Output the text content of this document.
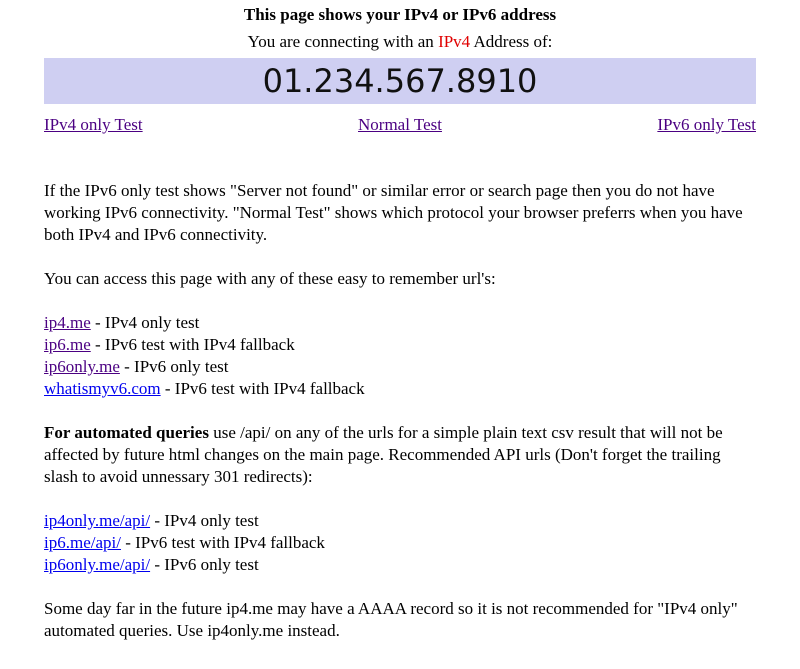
This page shows your IPv4 or IPv6 address
You are connecting with an IPv4 Address of:
01.234.567.8910
IPv4 only Test	Normal Test	IPv6 only Test

If the IPv6 only test shows "Server not found" or similar error or search page then you do not have working IPv6 connectivity. "Normal Test" shows which protocol your browser preferrs when you have both IPv4 and IPv6 connectivity.

You can access this page with any of these easy to remember url's:

ip4.me - IPv4 only test
ip6.me - IPv6 test with IPv4 fallback
ip6only.me - IPv6 only test
whatismyv6.com - IPv6 test with IPv4 fallback

For automated queries use /api/ on any of the urls for a simple plain text csv result that will not be affected by future html changes on the main page. Recommended API urls (Don't forget the trailing slash to avoid unnessary 301 redirects):

ip4only.me/api/ - IPv4 only test
ip6.me/api/ - IPv6 test with IPv4 fallback
ip6only.me/api/ - IPv6 only test

Some day far in the future ip4.me may have a AAAA record so it is not recommended for "IPv4 only" automated queries. Use ip4only.me instead.
